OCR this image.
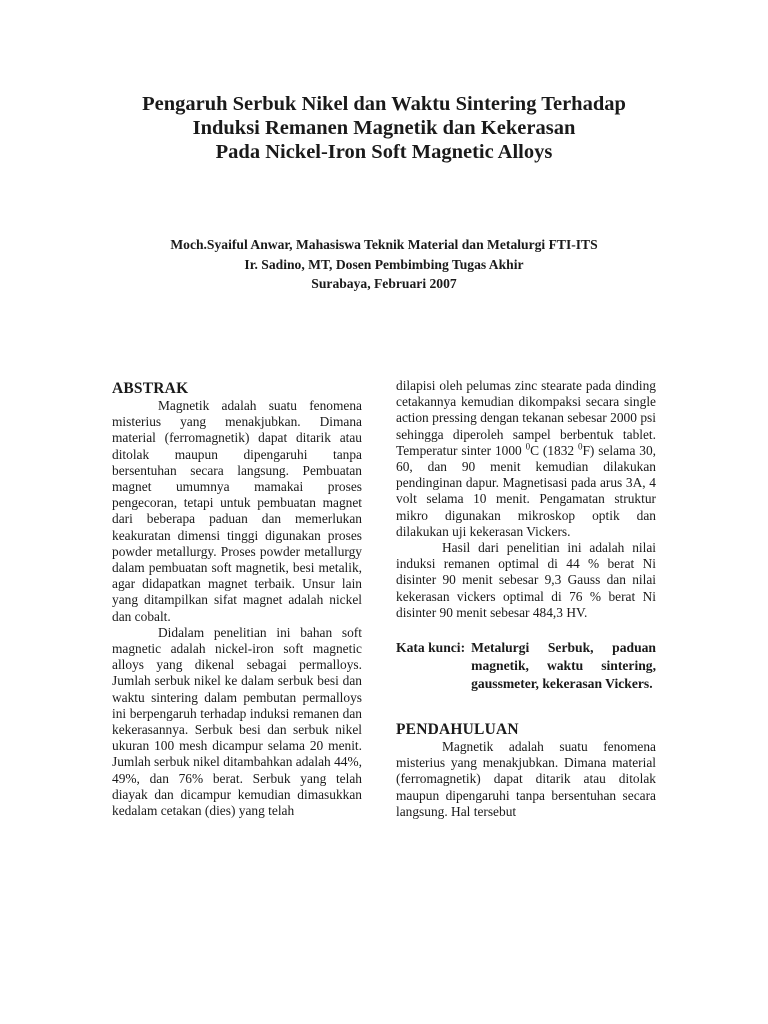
Pengaruh Serbuk Nikel dan Waktu Sintering Terhadap
Induksi Remanen Magnetik dan Kekerasan
Pada Nickel-Iron Soft Magnetic Alloys
Moch.Syaiful Anwar, Mahasiswa Teknik Material dan Metalurgi FTI-ITS
Ir. Sadino, MT, Dosen Pembimbing Tugas Akhir
Surabaya, Februari 2007
ABSTRAK

Magnetik adalah suatu fenomena misterius yang menakjubkan. Dimana material (ferromagnetik) dapat ditarik atau ditolak maupun dipengaruhi tanpa bersentuhan secara langsung. Pembuatan magnet umumnya mamakai proses pengecoran, tetapi untuk pembuatan magnet dari beberapa paduan dan memerlukan keakuratan dimensi tinggi digunakan proses powder metallurgy. Proses powder metallurgy dalam pembuatan soft magnetik, besi metalik, agar didapatkan magnet terbaik. Unsur lain yang ditampilkan sifat magnet adalah nickel dan cobalt.

Didalam penelitian ini bahan soft magnetic adalah nickel-iron soft magnetic alloys yang dikenal sebagai permalloys. Jumlah serbuk nikel ke dalam serbuk besi dan waktu sintering dalam pembutan permalloys ini berpengaruh terhadap induksi remanen dan kekerasannya. Serbuk besi dan serbuk nikel ukuran 100 mesh dicampur selama 20 menit. Jumlah serbuk nikel ditambahkan adalah 44%, 49%, dan 76% berat. Serbuk yang telah diayak dan dicampur kemudian dimasukkan kedalam cetakan (dies) yang telah

dilapisi oleh pelumas zinc stearate pada dinding cetakannya kemudian dikompaksi secara single action pressing dengan tekanan sebesar 2000 psi sehingga diperoleh sampel berbentuk tablet. Temperatur sinter 1000 $^0$C (1832 $^0$F) selama 30, 60, dan 90 menit kemudian dilakukan pendinginan dapur. Magnetisasi pada arus 3A, 4 volt selama 10 menit. Pengamatan struktur mikro digunakan mikroskop optik dan dilakukan uji kekerasan Vickers.

Hasil dari penelitian ini adalah nilai induksi remanen optimal di 44 % berat Ni disinter 90 menit sebesar 9,3 Gauss dan nilai kekerasan vickers optimal di 76 % berat Ni disinter 90 menit sebesar 484,3 HV.

Kata kunci: Metalurgi Serbuk, paduan magnetik, waktu sintering, gaussmeter, kekerasan Vickers.
PENDAHULUAN

Magnetik adalah suatu fenomena misterius yang menakjubkan. Dimana material (ferromagnetik) dapat ditarik atau ditolak maupun dipengaruhi tanpa bersentuhan secara langsung. Hal tersebut
